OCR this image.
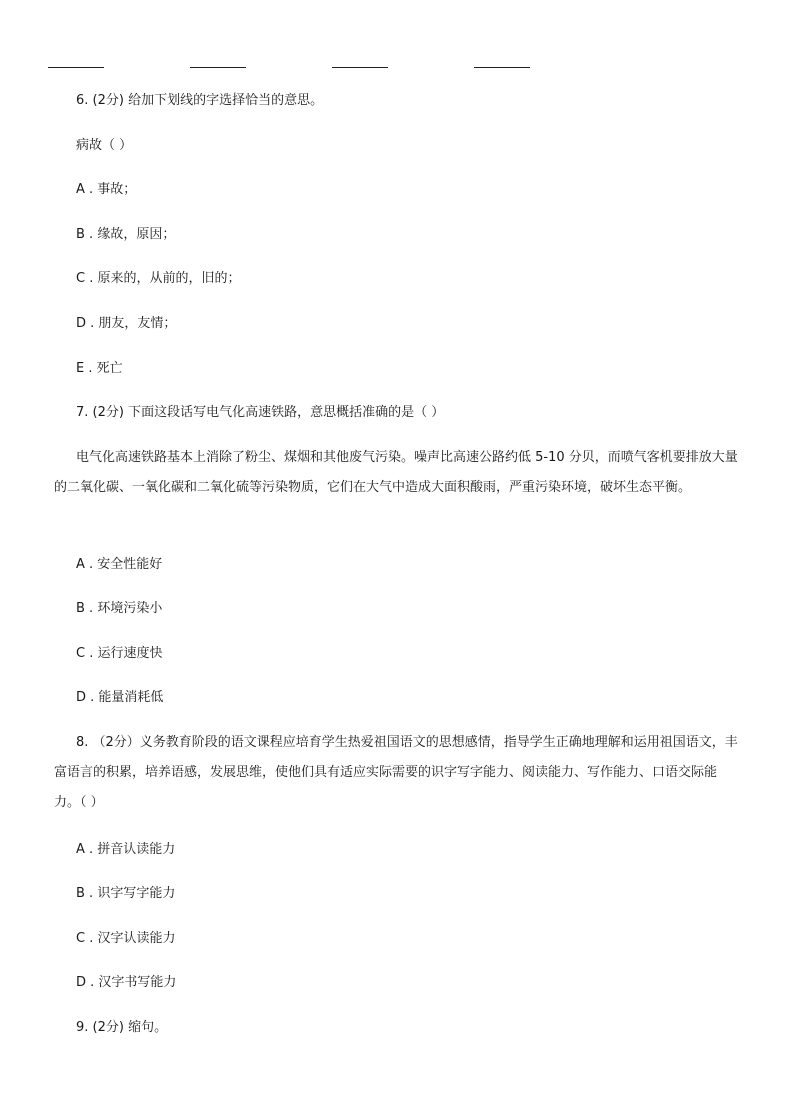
6. (2分) 给加下划线的字选择恰当的意思。
病故（ ）
A . 事故；
B . 缘故，原因；
C . 原来的，从前的，旧的；
D . 朋友，友情；
E . 死亡
7. (2分) 下面这段话写电气化高速铁路，意思概括准确的是（ ）
电气化高速铁路基本上消除了粉尘、煤烟和其他废气污染。噪声比高速公路约低 5-10 分贝，而喷气客机要排放大量的二氧化碳、一氧化碳和二氧化硫等污染物质，它们在大气中造成大面积酸雨，严重污染环境，破坏生态平衡。
A . 安全性能好
B . 环境污染小
C . 运行速度快
D . 能量消耗低
8. （2分）义务教育阶段的语文课程应培育学生热爱祖国语文的思想感情，指导学生正确地理解和运用祖国语文，丰富语言的积累，培养语感，发展思维，使他们具有适应实际需要的识字写字能力、阅读能力、写作能力、口语交际能力。（ ）
A . 拼音认读能力
B . 识字写字能力
C . 汉字认读能力
D . 汉字书写能力
9. (2分) 缩句。
